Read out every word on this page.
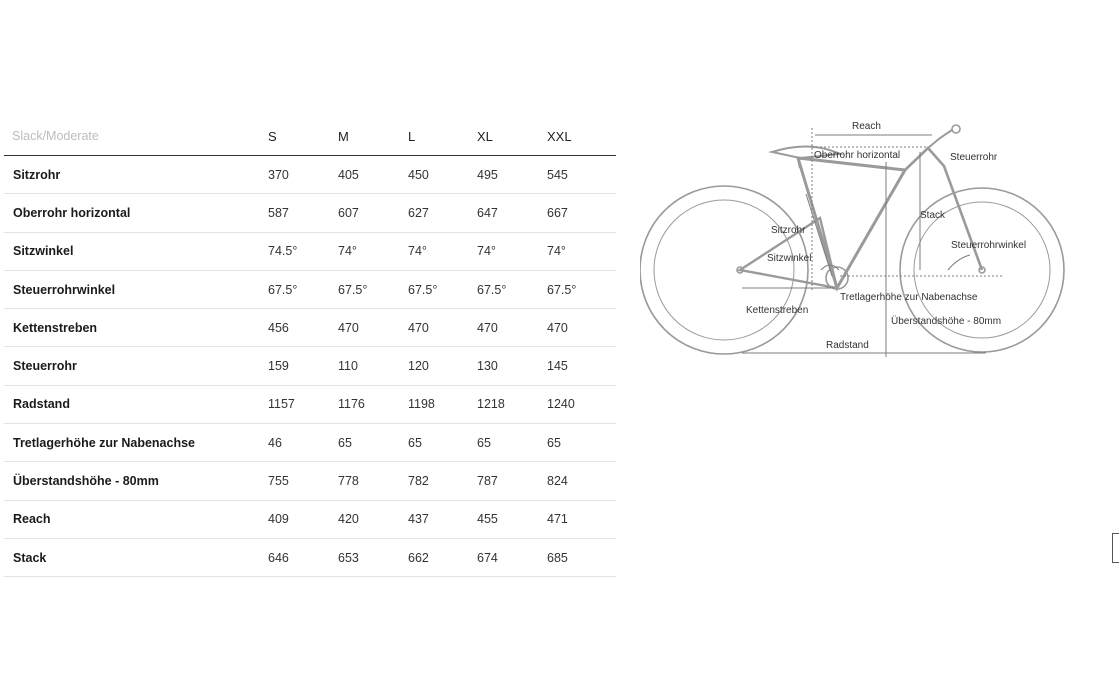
Slack/Moderate	S	M	L	XL	XXL
Sitzrohr	370	405	450	495	545
Oberrohr horizontal	587	607	627	647	667
Sitzwinkel	74.5°	74°	74°	74°	74°
Steuerrohrwinkel	67.5°	67.5°	67.5°	67.5°	67.5°
Kettenstreben	456	470	470	470	470
Steuerrohr	159	110	120	130	145
Radstand	1157	1176	1198	1218	1240
Tretlagerhöhe zur Nabenachse	46	65	65	65	65
Überstandshöhe - 80mm	755	778	782	787	824
Reach	409	420	437	455	471
Stack	646	653	662	674	685
Reach
Oberrohr horizontal	Steuerrohr
Stack
Sitzrohr
Steuerrohrwinkel
Sitzwinkel
Tretlagerhöhe zur Nabenachse
Kettenstreben
Überstandshöhe - 80mm
Radstand
